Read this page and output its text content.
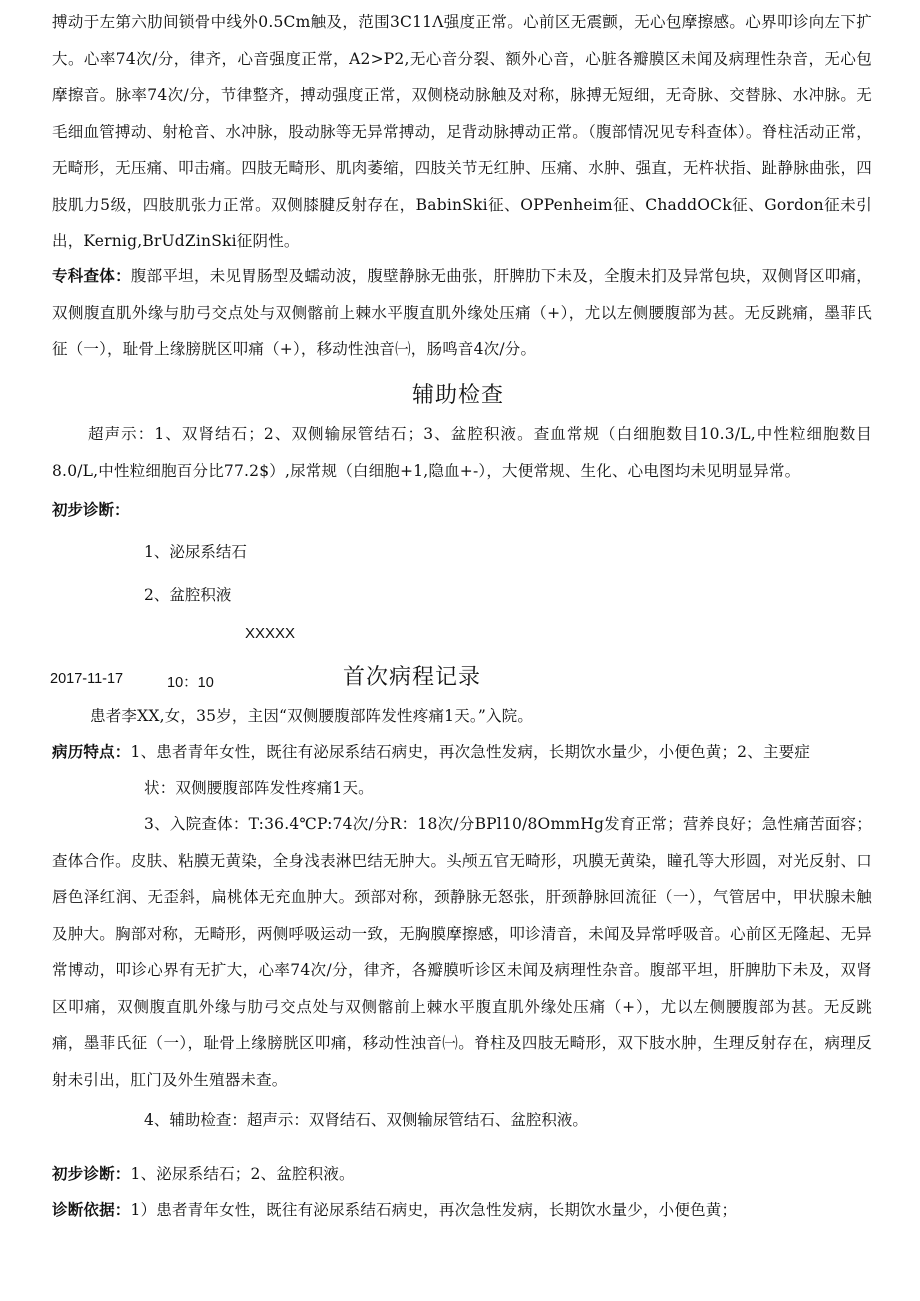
搏动于左第六肋间锁骨中线外0.5Cm触及，范围3C11Λ强度正常。心前区无震颤，无心包摩擦感。心界叩诊向左下扩大。心率74次/分，律齐，心音强度正常，A2>P2,无心音分裂、额外心音，心脏各瓣膜区未闻及病理性杂音，无心包摩擦音。脉率74次/分，节律整齐，搏动强度正常，双侧桡动脉触及对称，脉搏无短细，无奇脉、交替脉、水冲脉。无毛细血管搏动、射枪音、水冲脉，股动脉等无异常搏动，足背动脉搏动正常。（腹部情况见专科查体）。脊柱活动正常，无畸形，无压痛、叩击痛。四肢无畸形、肌肉萎缩，四肢关节无红肿、压痛、水肿、强直，无杵状指、趾静脉曲张，四肢肌力5级，四肢肌张力正常。双侧膝腱反射存在，BabinSki征、OPPenheim征、ChaddOCk征、Gordon征未引出，Kernig,BrUdZinSki征阴性。
专科查体：腹部平坦，未见胃肠型及蠕动波，腹壁静脉无曲张，肝脾肋下未及，全腹未扪及异常包块，双侧肾区叩痛，双侧腹直肌外缘与肋弓交点处与双侧髂前上棘水平腹直肌外缘处压痛（+），尤以左侧腰腹部为甚。无反跳痛，墨菲氏征（一），耻骨上缘膀胱区叩痛（+），移动性浊音㈠，肠鸣音4次/分。
辅助检查
超声示：1、双肾结石；2、双侧输尿管结石；3、盆腔积液。查血常规（白细胞数目10.3/L,中性粒细胞数目8.0/L,中性粒细胞百分比77.2$）,尿常规（白细胞+1,隐血+-），大便常规、生化、心电图均未见明显异常。
初步诊断：
1、泌尿系结石
2、盆腔积液
XXXXX
2017-11-17	10：10	首次病程记录
患者李XX,女，35岁，主因“双侧腰腹部阵发性疼痛1天。”入院。
病历特点：1、患者青年女性，既往有泌尿系结石病史，再次急性发病，长期饮水量少，小便色黄；2、主要症
状：双侧腰腹部阵发性疼痛1天。
3、入院查体：T:36.4℃P:74次/分R：18次/分BPl10/8OmmHg发育正常；营养良好；急性痛苦面容；查体合作。皮肤、粘膜无黄染，全身浅表淋巴结无肿大。头颅五官无畸形，巩膜无黄染，瞳孔等大形圆，对光反射、口唇色泽红润、无歪斜，扁桃体无充血肿大。颈部对称，颈静脉无怒张，肝颈静脉回流征（一），气管居中，甲状腺未触及肿大。胸部对称，无畸形，两侧呼吸运动一致，无胸膜摩擦感，叩诊清音，未闻及异常呼吸音。心前区无隆起、无异常博动，叩诊心界有无扩大，心率74次/分，律齐，各瓣膜听诊区未闻及病理性杂音。腹部平坦，肝脾肋下未及，双肾区叩痛，双侧腹直肌外缘与肋弓交点处与双侧髂前上棘水平腹直肌外缘处压痛（+），尤以左侧腰腹部为甚。无反跳痛，墨菲氏征（一），耻骨上缘膀胱区叩痛，移动性浊音㈠。脊柱及四肢无畸形，双下肢水肿，生理反射存在，病理反射未引出，肛门及外生殖器未查。
4、辅助检查：超声示：双肾结石、双侧输尿管结石、盆腔积液。
初步诊断：1、泌尿系结石；2、盆腔积液。
诊断依据：1）患者青年女性，既往有泌尿系结石病史，再次急性发病，长期饮水量少，小便色黄；
